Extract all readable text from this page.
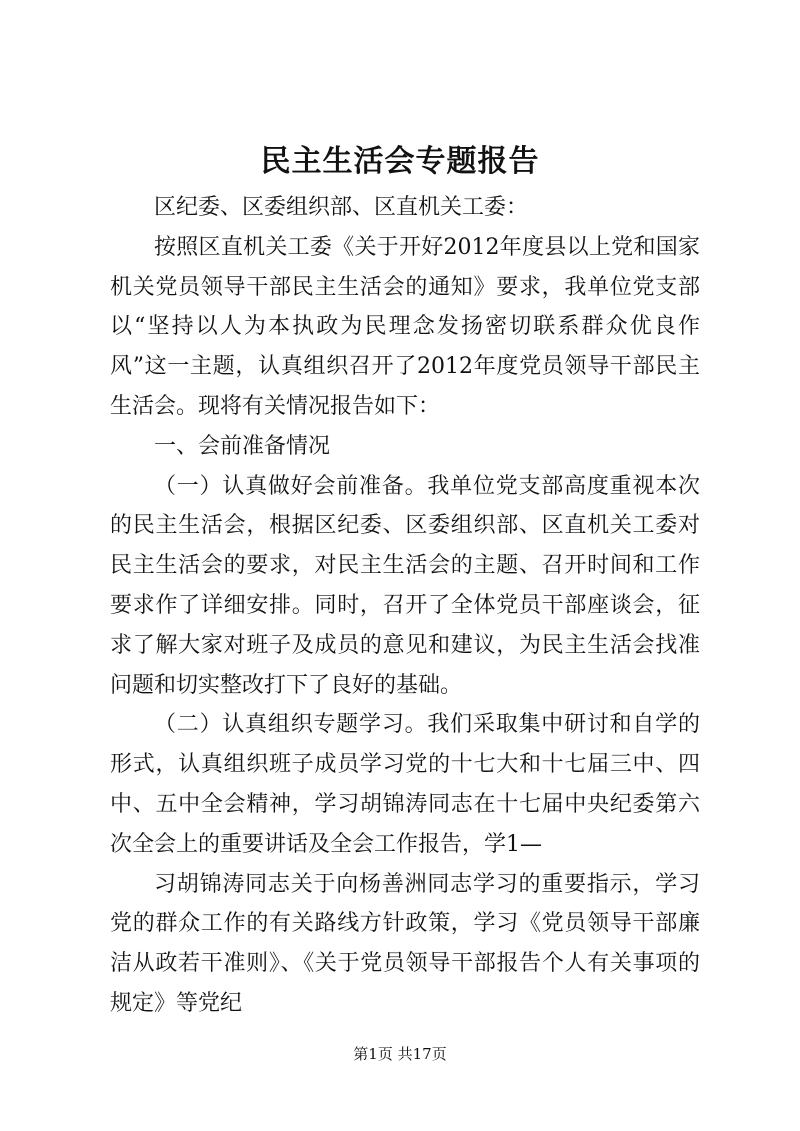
民主生活会专题报告

区纪委、区委组织部、区直机关工委：

按照区直机关工委《关于开好2012年度县以上党和国家机关党员领导干部民主生活会的通知》要求，我单位党支部以“坚持以人为本执政为民理念发扬密切联系群众优良作风”这一主题，认真组织召开了2012年度党员领导干部民主生活会。现将有关情况报告如下：

一、会前准备情况

（一）认真做好会前准备。我单位党支部高度重视本次的民主生活会，根据区纪委、区委组织部、区直机关工委对民主生活会的要求，对民主生活会的主题、召开时间和工作要求作了详细安排。同时，召开了全体党员干部座谈会，征求了解大家对班子及成员的意见和建议，为民主生活会找准问题和切实整改打下了良好的基础。

（二）认真组织专题学习。我们采取集中研讨和自学的形式，认真组织班子成员学习党的十七大和十七届三中、四中、五中全会精神，学习胡锦涛同志在十七届中央纪委第六次全会上的重要讲话及全会工作报告，学1—

习胡锦涛同志关于向杨善洲同志学习的重要指示，学习党的群众工作的有关路线方针政策，学习《党员领导干部廉洁从政若干准则》、《关于党员领导干部报告个人有关事项的规定》等党纪

第1页 共17页
